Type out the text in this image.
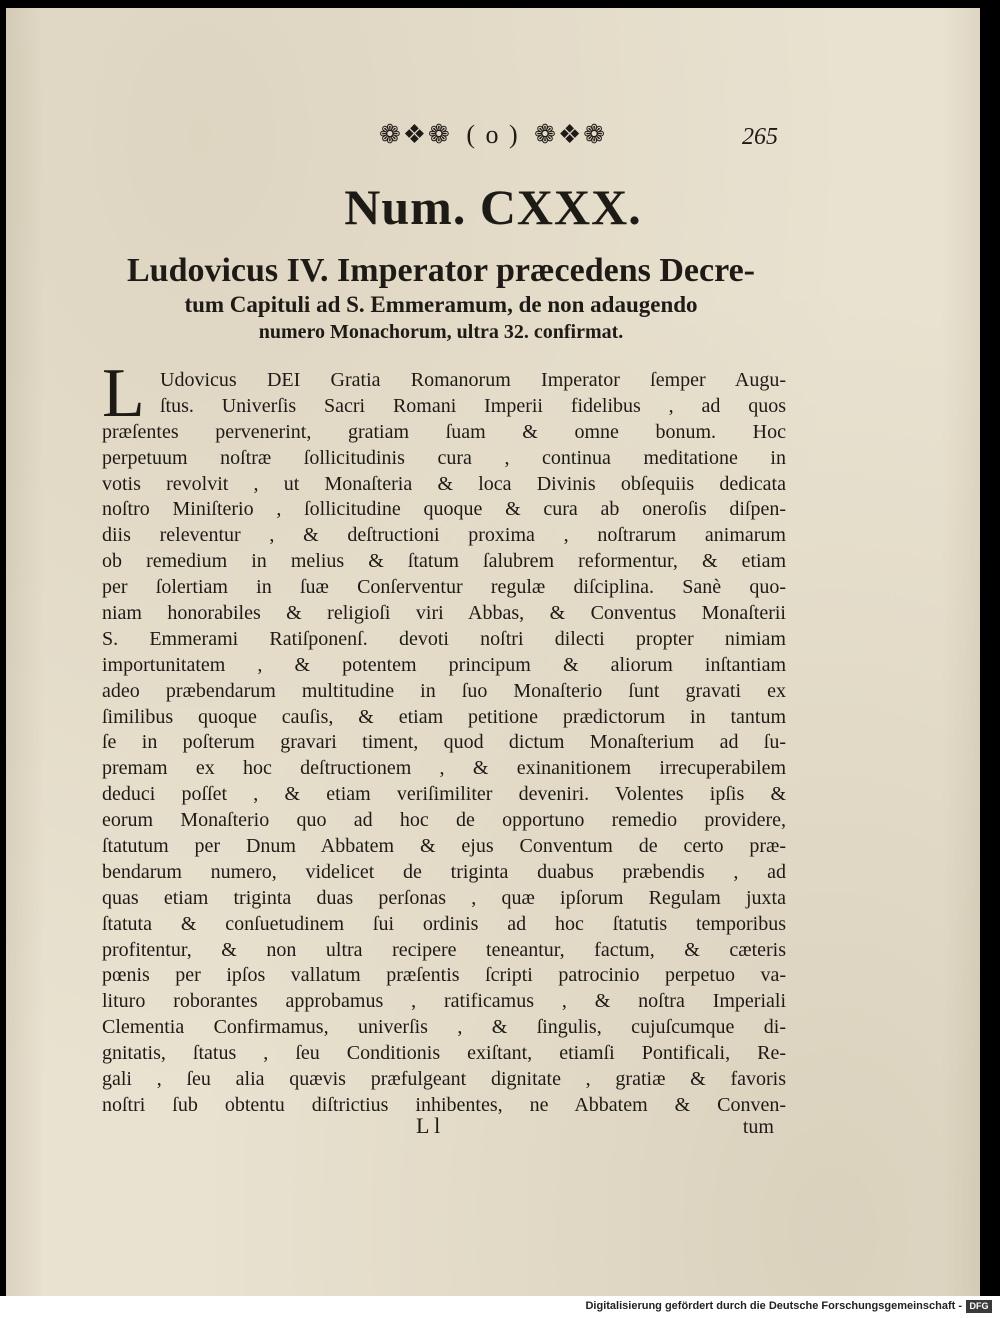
❁❖❁ ( o ) ❁❖❁	265
Num. CXXX.
Ludovicus IV. Imperator præcedens Decre-
tum Capituli ad S. Emmeramum, de non adaugendo
numero Monachorum, ultra 32. confirmat.
L Udovicus DEI Gratia Romanorum Imperator ſemper Augu-
ſtus. Univerſis Sacri Romani Imperii fidelibus , ad quos
præſentes pervenerint, gratiam ſuam & omne bonum. Hoc
perpetuum noſtræ ſollicitudinis cura , continua meditatione in
votis revolvit , ut Monaſteria & loca Divinis obſequiis dedicata
noſtro Miniſterio , ſollicitudine quoque & cura ab oneroſis diſpen-
diis releventur , & deſtructioni proxima , noſtrarum animarum
ob remedium in melius & ſtatum ſalubrem reformentur, & etiam
per ſolertiam in ſuæ Conſerventur regulæ diſciplina. Sanè quo-
niam honorabiles & religioſi viri Abbas, & Conventus Monaſterii
S. Emmerami Ratiſponenſ. devoti noſtri dilecti propter nimiam
importunitatem , & potentem principum & aliorum inſtantiam
adeo præbendarum multitudine in ſuo Monaſterio ſunt gravati ex
ſimilibus quoque cauſis, & etiam petitione prædictorum in tantum
ſe in poſterum gravari timent, quod dictum Monaſterium ad ſu-
premam ex hoc deſtructionem , & exinanitionem irrecuperabilem
deduci poſſet , & etiam veriſimiliter deveniri. Volentes ipſis &
eorum Monaſterio quo ad hoc de opportuno remedio providere,
ſtatutum per Dnum Abbatem & ejus Conventum de certo præ-
bendarum numero, videlicet de triginta duabus præbendis , ad
quas etiam triginta duas perſonas , quæ ipſorum Regulam juxta
ſtatuta & conſuetudinem ſui ordinis ad hoc ſtatutis temporibus
profitentur, & non ultra recipere teneantur, factum, & cæteris
pœnis per ipſos vallatum præſentis ſcripti patrocinio perpetuo va-
lituro roborantes approbamus , ratificamus , & noſtra Imperiali
Clementia Confirmamus, univerſis , & ſingulis, cujuſcumque di-
gnitatis, ſtatus , ſeu Conditionis exiſtant, etiamſi Pontificali, Re-
gali , ſeu alia quævis præfulgeant dignitate , gratiæ & favoris
noſtri ſub obtentu diſtrictius inhibentes, ne Abbatem & Conven-
L l	tum
Digitalisierung gefördert durch die Deutsche Forschungsgemeinschaft - DFG
